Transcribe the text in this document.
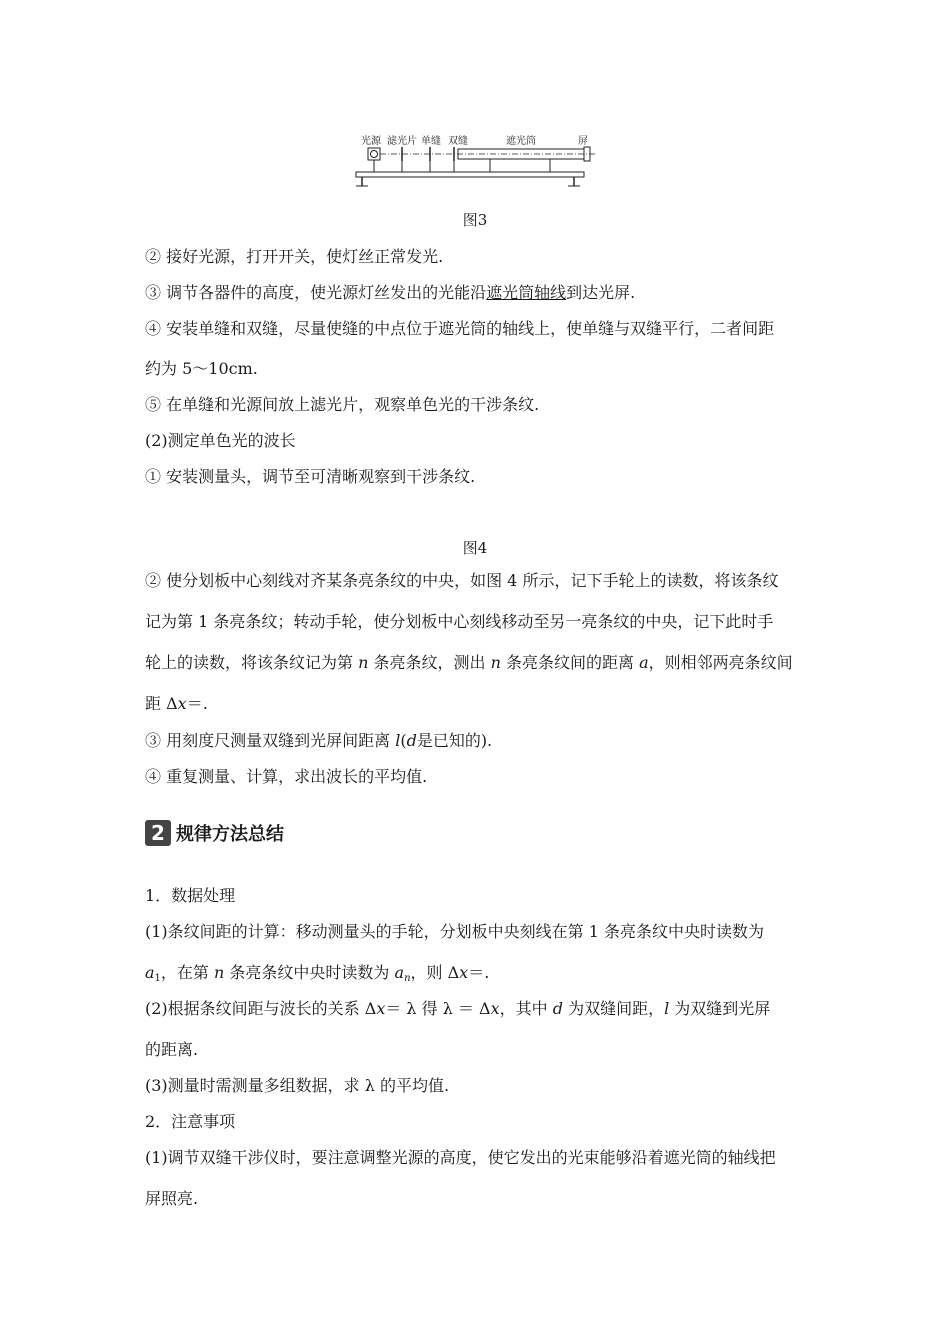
光源 滤光片 单缝 双缝	遮光筒	屏
图3
② 接好光源，打开开关，使灯丝正常发光.
③ 调节各器件的高度，使光源灯丝发出的光能沿遮光筒轴线到达光屏.
④ 安装单缝和双缝，尽量使缝的中点位于遮光筒的轴线上，使单缝与双缝平行，二者间距
约为 5～10cm.
⑤ 在单缝和光源间放上滤光片，观察单色光的干涉条纹.
(2)测定单色光的波长
① 安装测量头，调节至可清晰观察到干涉条纹.
图4
② 使分划板中心刻线对齐某条亮条纹的中央，如图 4 所示，记下手轮上的读数，将该条纹
记为第 1 条亮条纹；转动手轮，使分划板中心刻线移动至另一亮条纹的中央，记下此时手
轮上的读数，将该条纹记为第 n 条亮条纹，测出 n 条亮条纹间的距离 a，则相邻两亮条纹间
距 Δx＝.
③ 用刻度尺测量双缝到光屏间距离 l(d是已知的).
④ 重复测量、计算，求出波长的平均值.
2 规律方法总结
1．数据处理
(1)条纹间距的计算：移动测量头的手轮，分划板中央刻线在第 1 条亮条纹中央时读数为
$a_1$，在第 n 条亮条纹中央时读数为 $a_n$，则 Δx＝.
(2)根据条纹间距与波长的关系 Δx＝ λ 得 λ ＝ Δx，其中 d 为双缝间距，l 为双缝到光屏
的距离.
(3)测量时需测量多组数据，求 λ 的平均值.
2．注意事项
(1)调节双缝干涉仪时，要注意调整光源的高度，使它发出的光束能够沿着遮光筒的轴线把
屏照亮.
